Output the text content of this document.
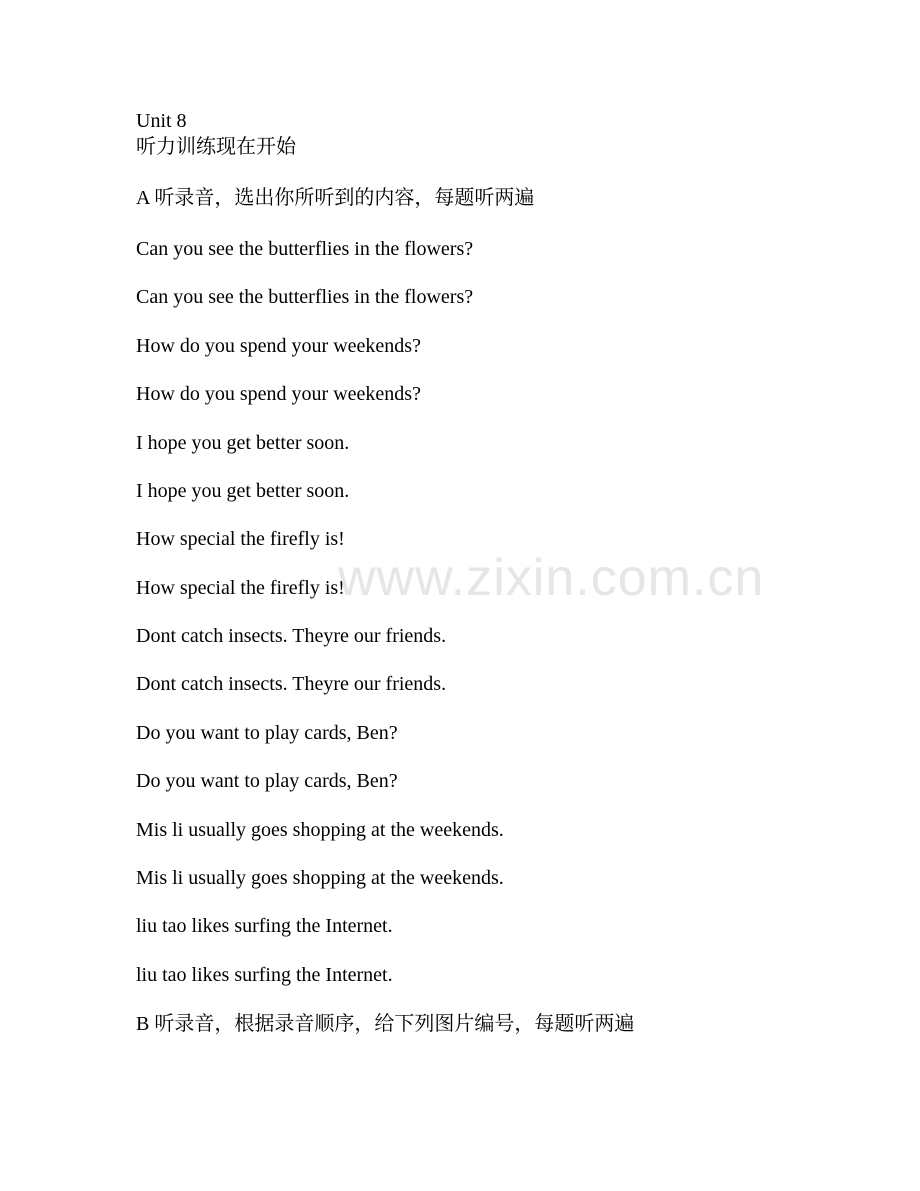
Unit 8
听力训练现在开始
A 听录音，选出你所听到的内容，每题听两遍
Can you see the butterflies in the flowers?
Can you see the butterflies in the flowers?
How do you spend your weekends?
How do you spend your weekends?
I hope you get better soon.
I hope you get better soon.
How special the firefly is!
How special the firefly is!
Dont catch insects. Theyre our friends.
Dont catch insects. Theyre our friends.
Do you want to play cards, Ben?
Do you want to play cards, Ben?
Mis li usually goes shopping at the weekends.
Mis li usually goes shopping at the weekends.
liu tao likes surfing the Internet.
liu tao likes surfing the Internet.
B 听录音，根据录音顺序，给下列图片编号，每题听两遍
www.zixin.com.cn
